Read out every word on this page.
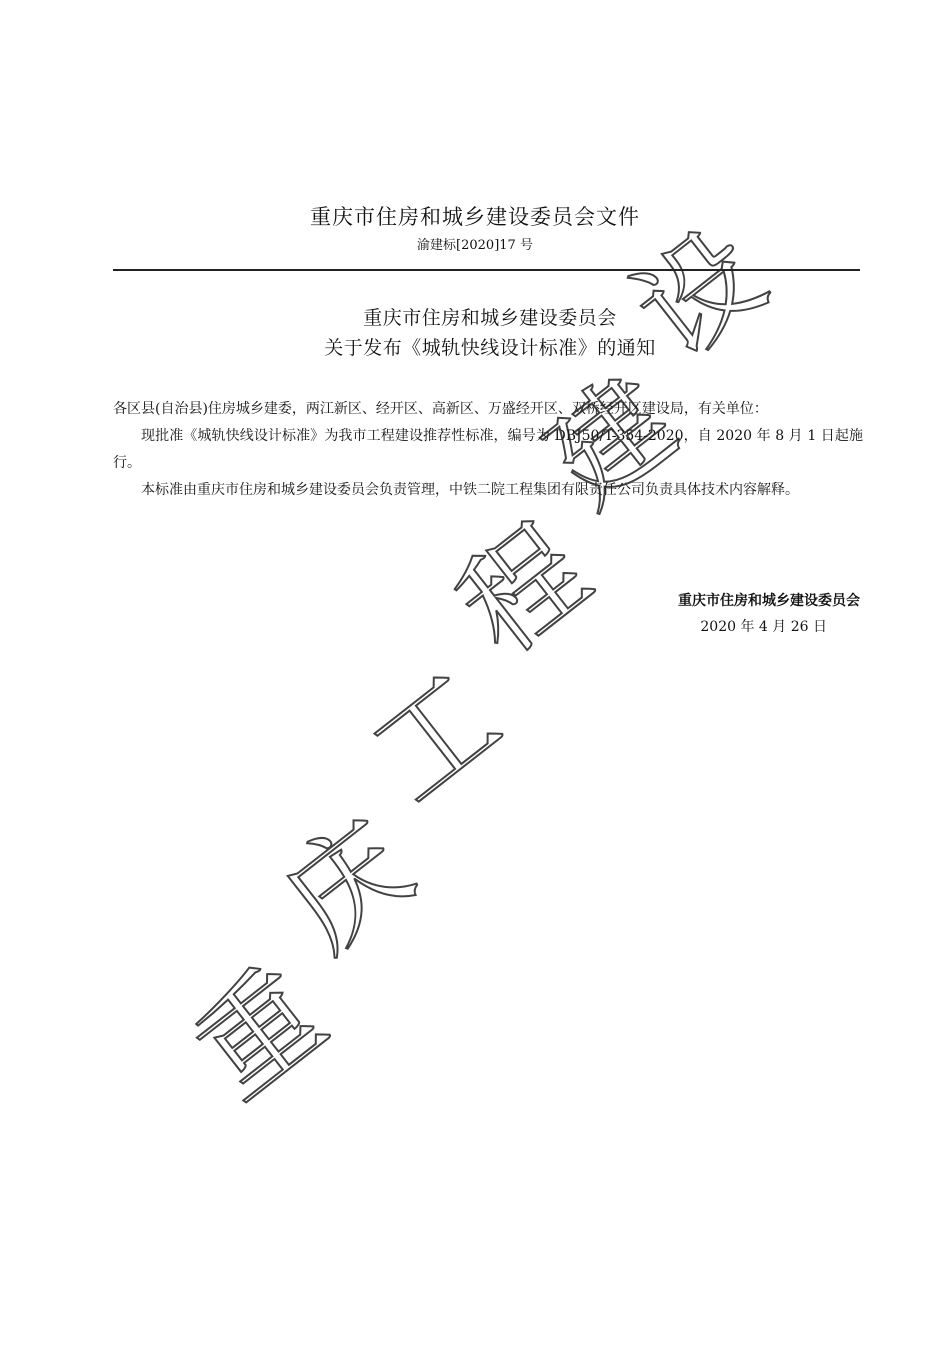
重庆市住房和城乡建设委员会文件
渝建标[2020]17 号
重庆市住房和城乡建设委员会
关于发布《城轨快线设计标准》的通知

各区县(自治县)住房城乡建委，两江新区、经开区、高新区、万盛经开区、双桥经开区建设局，有关单位：

现批准《城轨快线设计标准》为我市工程建设推荐性标准，编号为 DBJ50/T-354-2020，自 2020 年 8 月 1 日起施行。

本标准由重庆市住房和城乡建设委员会负责管理，中铁二院工程集团有限责任公司负责具体技术内容解释。

重庆市住房和城乡建设委员会
2020 年 4 月 26 日
重
庆
工
程
建
设
